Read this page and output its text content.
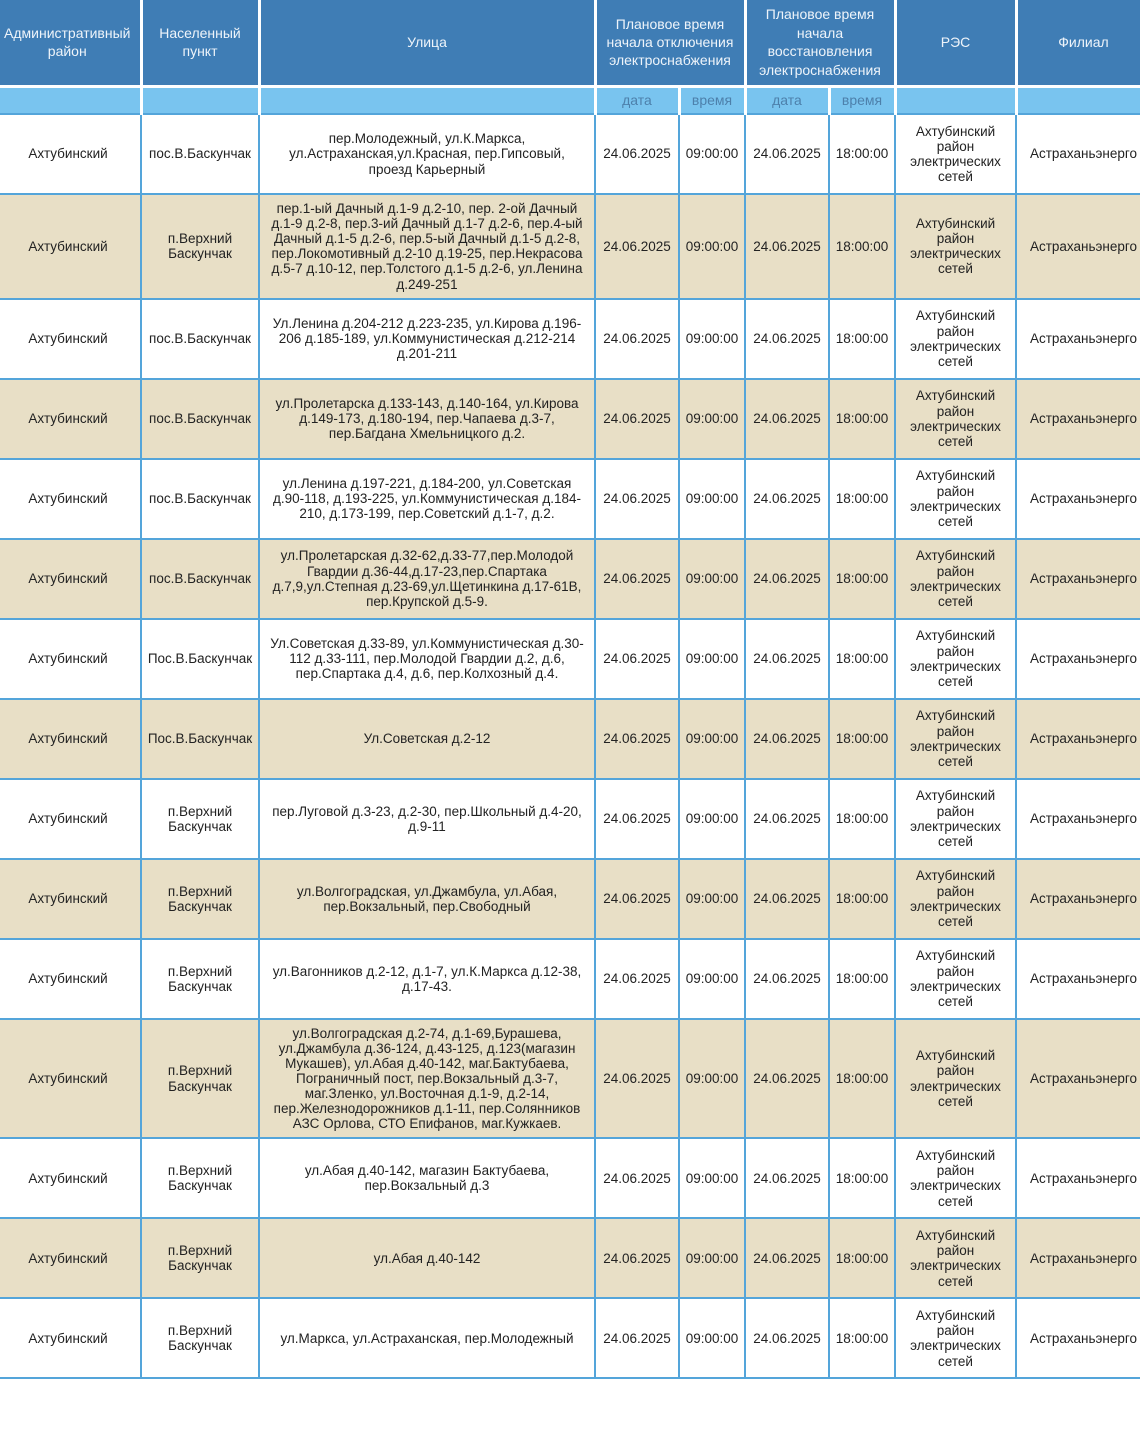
Административный район	Населенный пункт	Улица	Плановое время начала отключения электроснабжения		Плановое время начала восстановления электроснабжения		РЭС	Филиал
			дата	время	дата	время		
Ахтубинский	пос.В.Баскунчак	пер.Молодежный, ул.К.Маркса, ул.Астраханская,ул.Красная, пер.Гипсовый, проезд Карьерный	24.06.2025	09:00:00	24.06.2025	18:00:00	Ахтубинский район электрических сетей	Астраханьэнерго
Ахтубинский	п.Верхний Баскунчак	пер.1-ый Дачный д.1-9 д.2-10, пер. 2-ой Дачный д.1-9 д.2-8, пер.3-ий Дачный д.1-7 д.2-6, пер.4-ый Дачный д.1-5 д.2-6, пер.5-ый Дачный д.1-5 д.2-8, пер.Локомотивный д.2-10 д.19-25, пер.Некрасова д.5-7 д.10-12, пер.Толстого д.1-5 д.2-6, ул.Ленина д.249-251	24.06.2025	09:00:00	24.06.2025	18:00:00	Ахтубинский район электрических сетей	Астраханьэнерго
Ахтубинский	пос.В.Баскунчак	Ул.Ленина д.204-212 д.223-235, ул.Кирова д.196-206 д.185-189, ул.Коммунистическая д.212-214 д.201-211	24.06.2025	09:00:00	24.06.2025	18:00:00	Ахтубинский район электрических сетей	Астраханьэнерго
Ахтубинский	пос.В.Баскунчак	ул.Пролетарска д.133-143, д.140-164, ул.Кирова д.149-173, д.180-194, пер.Чапаева д.3-7, пер.Багдана Хмельницкого д.2.	24.06.2025	09:00:00	24.06.2025	18:00:00	Ахтубинский район электрических сетей	Астраханьэнерго
Ахтубинский	пос.В.Баскунчак	ул.Ленина д.197-221, д.184-200, ул.Советская д.90-118, д.193-225, ул.Коммунистическая д.184-210, д.173-199, пер.Советский д.1-7, д.2.	24.06.2025	09:00:00	24.06.2025	18:00:00	Ахтубинский район электрических сетей	Астраханьэнерго
Ахтубинский	пос.В.Баскунчак	ул.Пролетарская д.32-62,д.33-77,пер.Молодой Гвардии д.36-44,д.17-23,пер.Спартака д.7,9,ул.Степная д.23-69,ул.Щетинкина д.17-61В, пер.Крупской д.5-9.	24.06.2025	09:00:00	24.06.2025	18:00:00	Ахтубинский район электрических сетей	Астраханьэнерго
Ахтубинский	Пос.В.Баскунчак	Ул.Советская д.33-89, ул.Коммунистическая д.30-112 д.33-111, пер.Молодой Гвардии д.2, д.6, пер.Спартака д.4, д.6, пер.Колхозный д.4.	24.06.2025	09:00:00	24.06.2025	18:00:00	Ахтубинский район электрических сетей	Астраханьэнерго
Ахтубинский	Пос.В.Баскунчак	Ул.Советская д.2-12	24.06.2025	09:00:00	24.06.2025	18:00:00	Ахтубинский район электрических сетей	Астраханьэнерго
Ахтубинский	п.Верхний Баскунчак	пер.Луговой д.3-23, д.2-30, пер.Школьный д.4-20, д.9-11	24.06.2025	09:00:00	24.06.2025	18:00:00	Ахтубинский район электрических сетей	Астраханьэнерго
Ахтубинский	п.Верхний Баскунчак	ул.Волгоградская, ул.Джамбула, ул.Абая, пер.Вокзальный, пер.Свободный	24.06.2025	09:00:00	24.06.2025	18:00:00	Ахтубинский район электрических сетей	Астраханьэнерго
Ахтубинский	п.Верхний Баскунчак	ул.Вагонников д.2-12, д.1-7, ул.К.Маркса д.12-38, д.17-43.	24.06.2025	09:00:00	24.06.2025	18:00:00	Ахтубинский район электрических сетей	Астраханьэнерго
Ахтубинский	п.Верхний Баскунчак	ул.Волгоградская д.2-74, д.1-69,Бурашева, ул.Джамбула д.36-124, д.43-125, д.123(магазин Мукашев), ул.Абая д.40-142, маг.Бактубаева, Пограничный пост, пер.Вокзальный д.3-7, маг.Зленко, ул.Восточная д.1-9, д.2-14, пер.Железнодорожников д.1-11, пер.Солянников АЗС Орлова, СТО Епифанов, маг.Кужкаев.	24.06.2025	09:00:00	24.06.2025	18:00:00	Ахтубинский район электрических сетей	Астраханьэнерго
Ахтубинский	п.Верхний Баскунчак	ул.Абая д.40-142, магазин Бактубаева, пер.Вокзальный д.3	24.06.2025	09:00:00	24.06.2025	18:00:00	Ахтубинский район электрических сетей	Астраханьэнерго
Ахтубинский	п.Верхний Баскунчак	ул.Абая д.40-142	24.06.2025	09:00:00	24.06.2025	18:00:00	Ахтубинский район электрических сетей	Астраханьэнерго
Ахтубинский	п.Верхний Баскунчак	ул.Маркса, ул.Астраханская, пер.Молодежный	24.06.2025	09:00:00	24.06.2025	18:00:00	Ахтубинский район электрических сетей	Астраханьэнерго
